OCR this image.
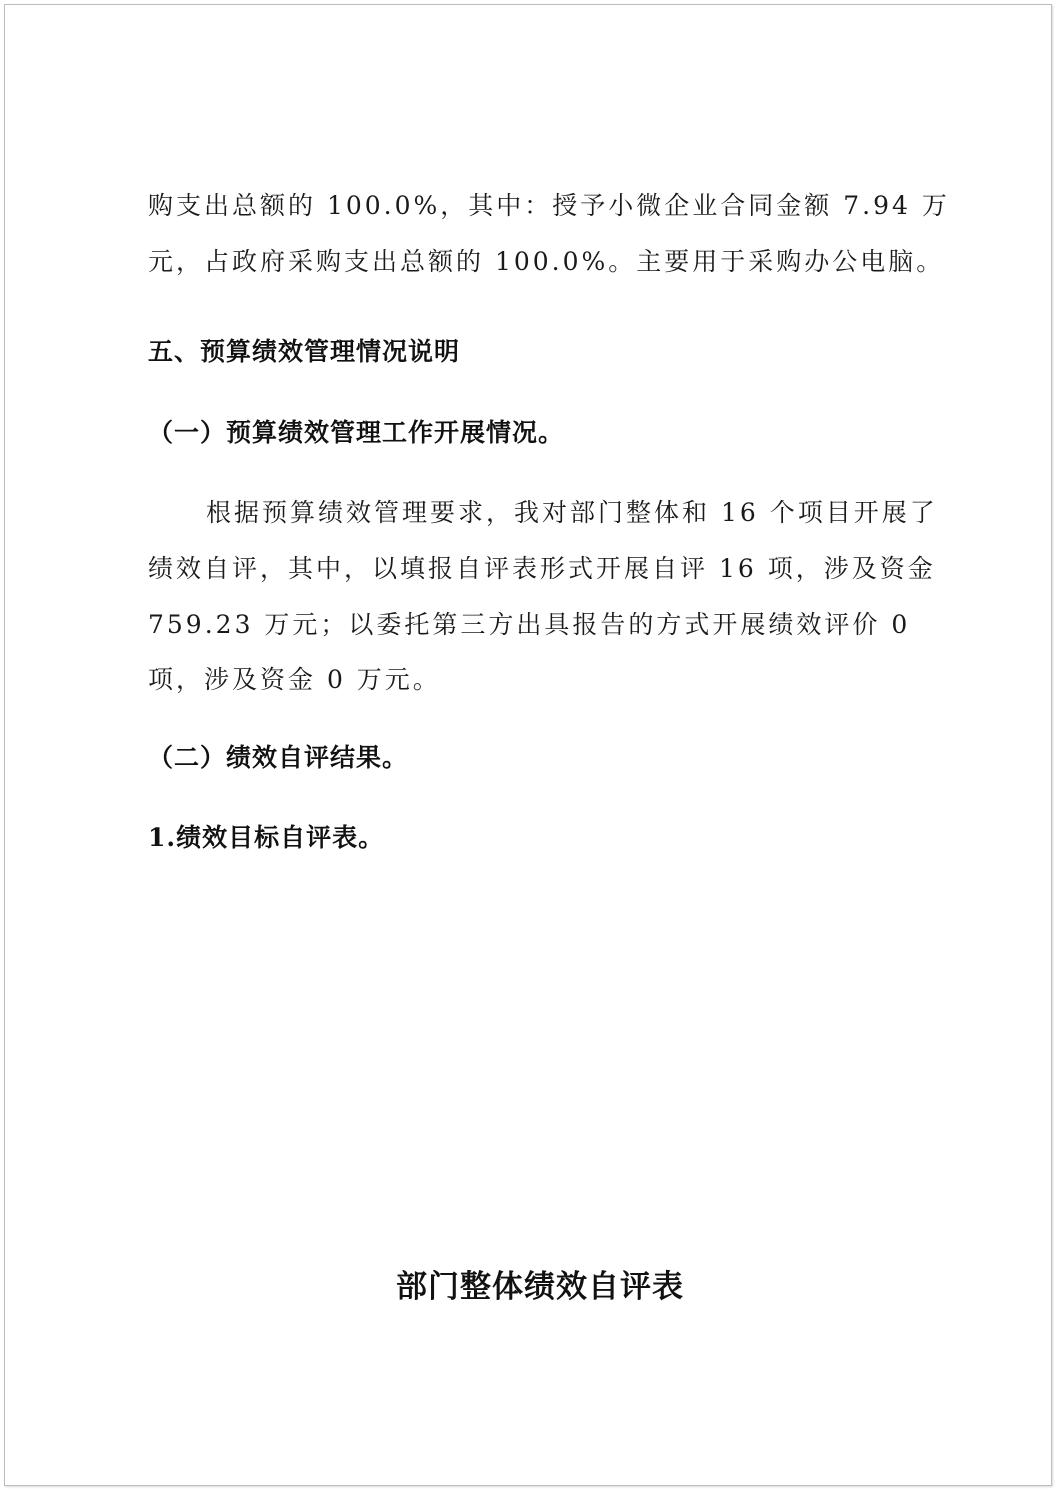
购支出总额的 100.0%，其中：授予小微企业合同金额 7.94 万
元，占政府采购支出总额的 100.0%。主要用于采购办公电脑。
五、预算绩效管理情况说明
（一）预算绩效管理工作开展情况。
根据预算绩效管理要求，我对部门整体和 16 个项目开展了
绩效自评，其中，以填报自评表形式开展自评 16 项，涉及资金
759.23 万元；以委托第三方出具报告的方式开展绩效评价 0
项，涉及资金 0 万元。
（二）绩效自评结果。
1.绩效目标自评表。
部门整体绩效自评表
